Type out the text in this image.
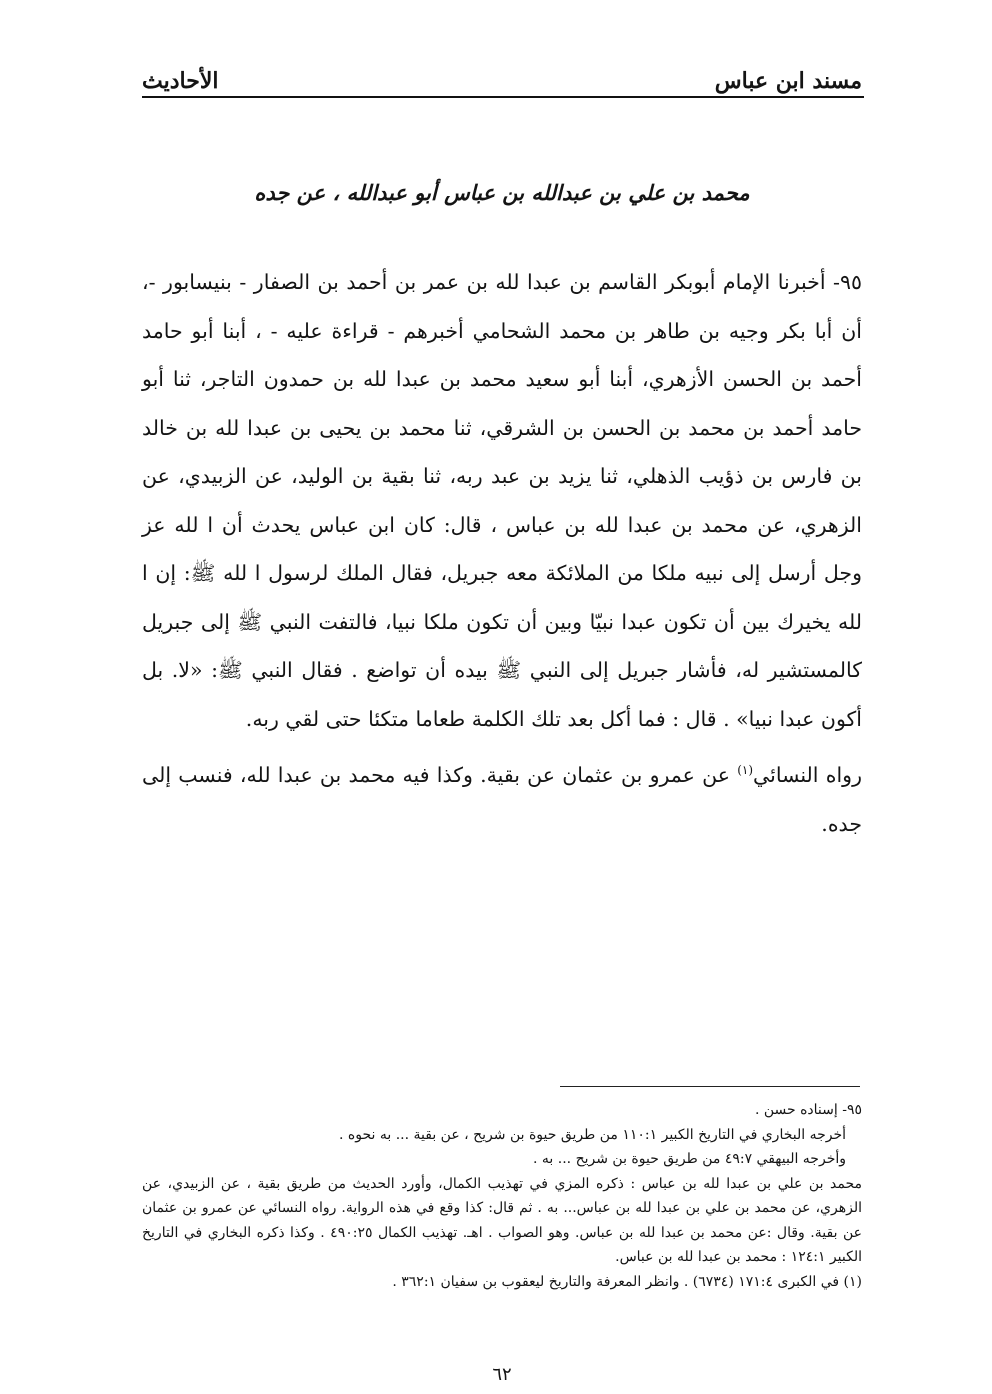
مسند ابن عباس
الأحاديث
محمد بن علي بن عبدالله بن عباس أبو عبدالله ، عن جده

٩٥- أخبرنا الإمام أبوبكر القاسم بن عبدا لله بن عمر بن أحمد بن الصفار - بنيسابور -، أن أبا بكر وجيه بن طاهر بن محمد الشحامي أخبرهم - قراءة عليه - ، أبنا أبو حامد أحمد بن الحسن الأزهري، أبنا أبو سعيد محمد بن عبدا لله بن حمدون التاجر، ثنا أبو حامد أحمد بن محمد بن الحسن بن الشرقي، ثنا محمد بن يحيى بن عبدا لله بن خالد بن فارس بن ذؤيب الذهلي، ثنا يزيد بن عبد ربه، ثنا بقية بن الوليد، عن الزبيدي، عن الزهري، عن محمد بن عبدا لله بن عباس ، قال: كان ابن عباس يحدث أن ا لله عز وجل أرسل إلى نبيه ملكا من الملائكة معه جبريل، فقال الملك لرسول ا لله ﷺ: إن ا لله يخيرك بين أن تكون عبدا نبيّا وبين أن تكون ملكا نبيا، فالتفت النبي ﷺ إلى جبريل كالمستشير له، فأشار جبريل إلى النبي ﷺ بيده أن تواضع . فقال النبي ﷺ: «لا. بل أكون عبدا نبيا» . قال : فما أكل بعد تلك الكلمة طعاما متكئا حتى لقي ربه.

رواه النسائي$^{(١)}$ عن عمرو بن عثمان عن بقية. وكذا فيه محمد بن عبدا لله، فنسب إلى جده.

٩٥- إسناده حسن .

أخرجه البخاري في التاريخ الكبير ١١٠:١ من طريق حيوة بن شريح ، عن بقية ... به نحوه .

وأخرجه البيهقي ٤٩:٧ من طريق حيوة بن شريح ... به .

محمد بن علي بن عبدا لله بن عباس : ذكره المزي في تهذيب الكمال، وأورد الحديث من طريق بقية ، عن الزبيدي، عن الزهري، عن محمد بن علي بن عبدا لله بن عباس... به . ثم قال: كذا وقع في هذه الرواية. رواه النسائي عن عمرو بن عثمان عن بقية. وقال :عن محمد بن عبدا لله بن عباس. وهو الصواب . اهـ. تهذيب الكمال ٤٩٠:٢٥ . وكذا ذكره البخاري في التاريخ الكبير ١٢٤:١ : محمد بن عبدا لله بن عباس.

(١) في الكبرى ١٧١:٤ (٦٧٣٤) . وانظر المعرفة والتاريخ ليعقوب بن سفيان ٣٦٢:١ .

٦٢
